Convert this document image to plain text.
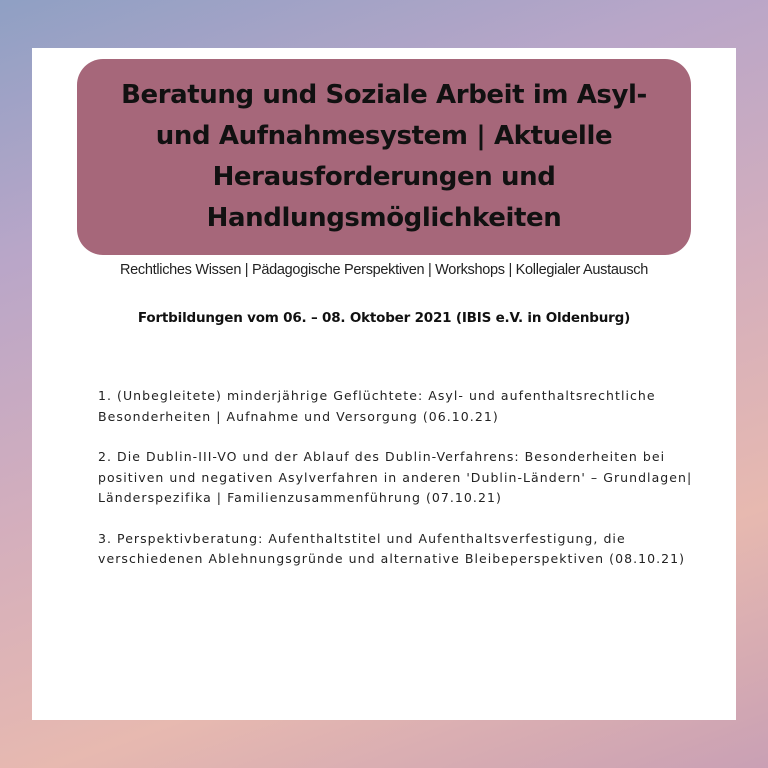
Beratung und Soziale Arbeit im Asyl- und Aufnahmesystem | Aktuelle Herausforderungen und Handlungsmöglichkeiten
Rechtliches Wissen | Pädagogische Perspektiven | Workshops | Kollegialer Austausch
Fortbildungen vom 06. – 08. Oktober 2021 (IBIS e.V. in Oldenburg)

1. (Unbegleitete) minderjährige Geflüchtete: Asyl- und aufenthaltsrechtliche Besonderheiten | Aufnahme und Versorgung (06.10.21)

2. Die Dublin-III-VO und der Ablauf des Dublin-Verfahrens: Besonderheiten bei positiven und negativen Asylverfahren in anderen 'Dublin-Ländern' – Grundlagen| Länderspezifika | Familienzusammenführung (07.10.21)

3. Perspektivberatung: Aufenthaltstitel und Aufenthaltsverfestigung, die verschiedenen Ablehnungsgründe und alternative Bleibeperspektiven (08.10.21)
